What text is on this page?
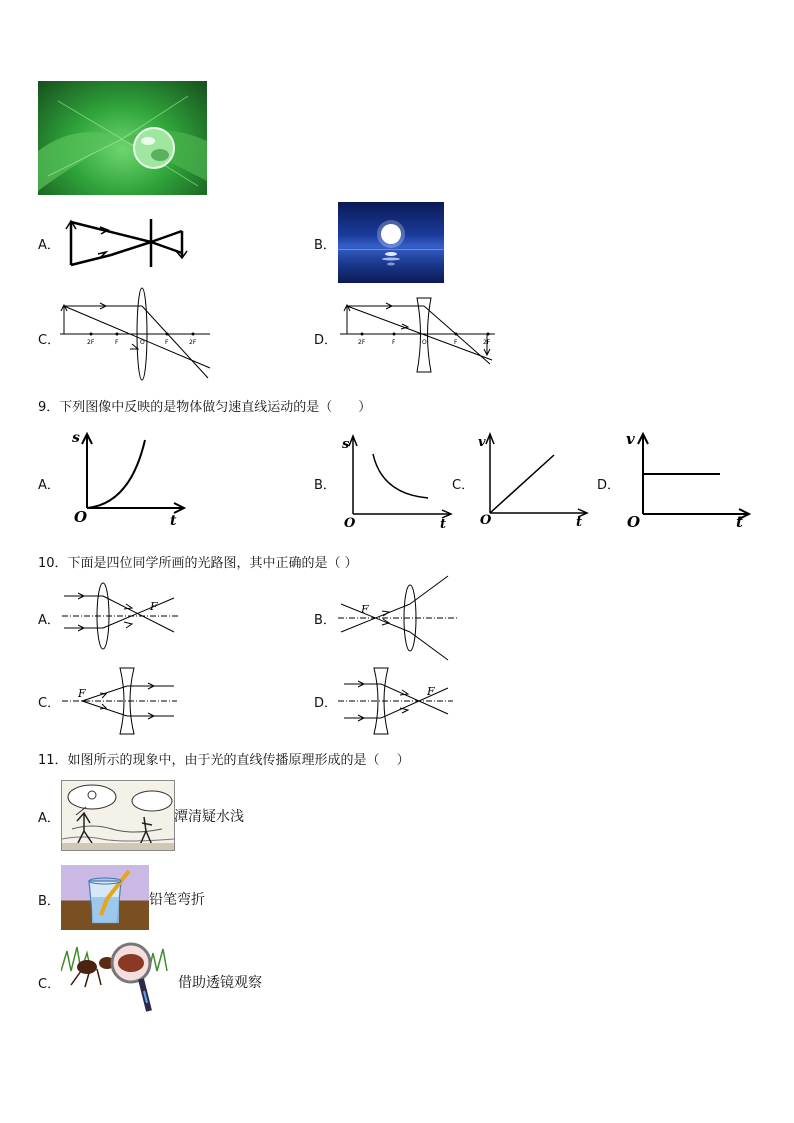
A．	B．
C．	2F	F	O	F	2F	D．	2F	F	O	F	2F
9．下列图像中反映的是物体做匀速直线运动的是（　　）
A．
s
t
O
B．
s
t
O
C．
v
t
O
D．
v
t
O
10．下面是四位同学所画的光路图，其中正确的是（ ）
A．
F
B．
F
C．
F
D．
F
11．如图所示的现象中，由于光的直线传播原理形成的是（　 ）
A．	潭清疑水浅
B．	铅笔弯折
C．	借助透镜观察
